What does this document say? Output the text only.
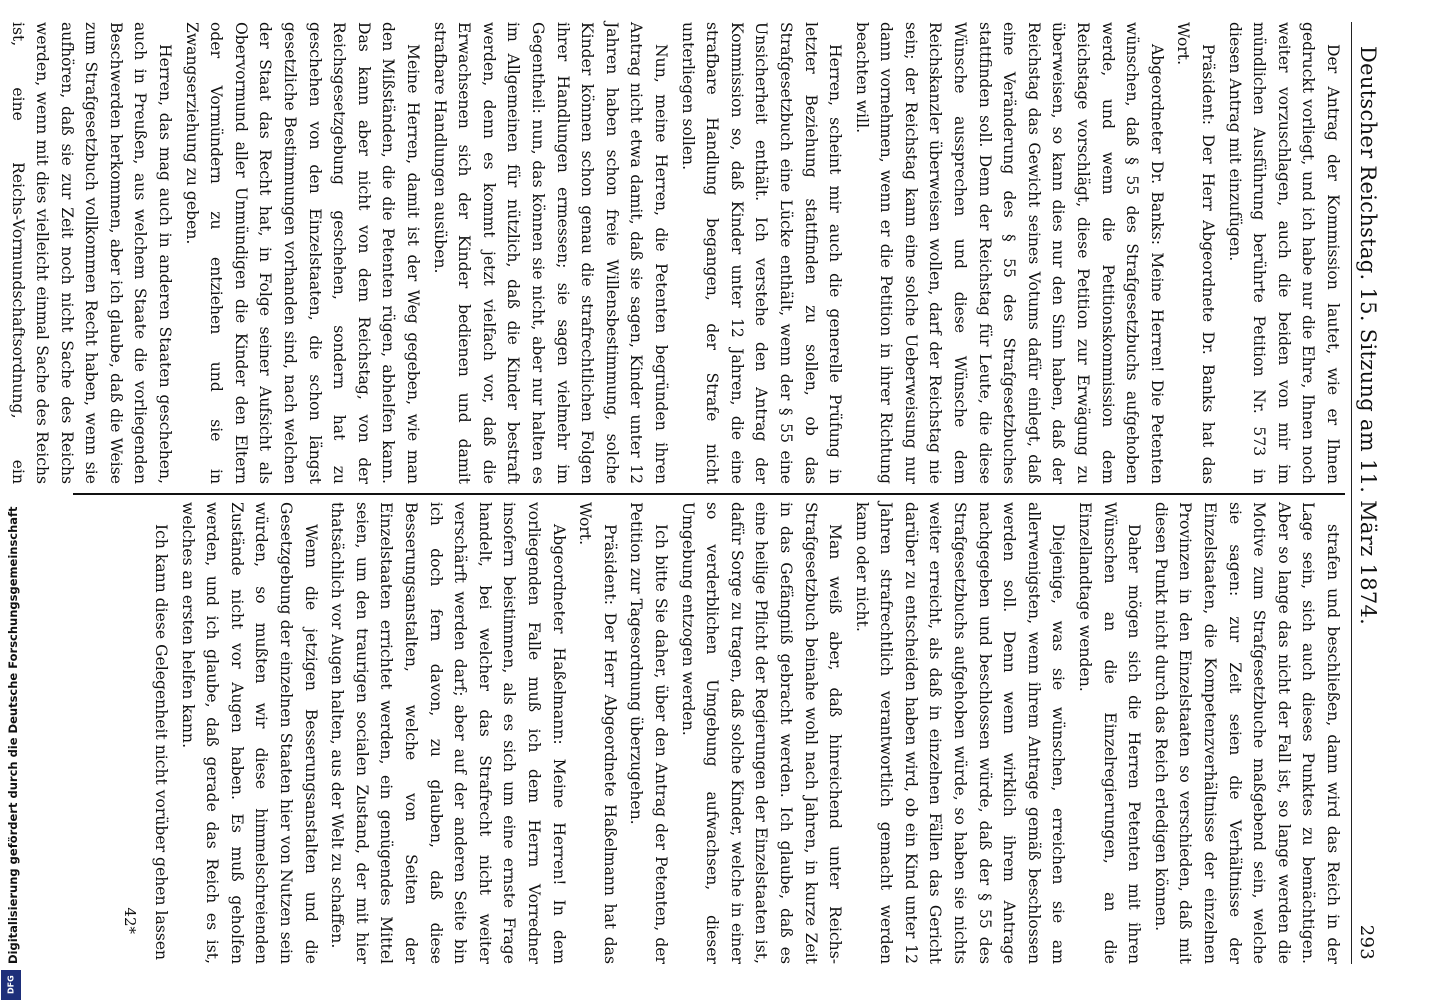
Deutscher Reichstag. 15. Sitzung am 11. März 1874.
293

Der Antrag der Kommission lautet, wie er Ihnen gedruckt vorliegt, und ich habe nur die Ehre, Ihnen noch weiter vorzuschlagen, auch die beiden von mir im mündlichen Ausführung berührte Petition Nr. 573 in diesen Antrag mit einzufügen.

Präsident: Der Herr Abgeordnete Dr. Banks hat das Wort.

Abgeordneter Dr. Banks: Meine Herren! Die Petenten wünschen, daß § 55 des Strafgesetzbuchs aufgehoben werde, und wenn die Petitionskommission dem Reichstage vorschlägt, diese Petition zur Erwägung zu überweisen, so kann dies nur den Sinn haben, daß der Reichstag das Gewicht seines Votums dafür einlegt, daß eine Veränderung des § 55 des Strafgesetzbuches stattfinden soll. Denn der Reichstag für Leute, die diese Wünsche aussprechen und diese Wünsche dem Reichskanzler überweisen wollen, darf der Reichstag nie sein; der Reichstag kann eine solche Ueberweisung nur dann vornehmen, wenn er die Petition in ihrer Richtung beachten will.

Herren, scheint mir auch die generelle Prüfung in letzter Beziehung stattfinden zu sollen, ob das Strafgesetzbuch eine Lücke enthält, wenn der § 55 eine Unsicherheit enthält. Ich verstehe den Antrag der Kommission so, daß Kinder unter 12 Jahren, die eine strafbare Handlung begangen, der Strafe nicht unterliegen sollen.

Nun, meine Herren, die Petenten begründen ihren Antrag nicht etwa damit, daß sie sagen, Kinder unter 12 Jahren haben schon freie Willensbestimmung, solche Kinder können schon genau die strafrechtlichen Folgen ihrer Handlungen ermessen; sie sagen vielmehr im Gegentheil: nun, das können sie nicht, aber nur halten es im Allgemeinen für nützlich, daß die Kinder bestraft werden, denn es kommt jetzt vielfach vor, daß die Erwachsenen sich der Kinder bedienen und damit strafbare Handlungen ausüben.

Meine Herren, damit ist der Weg gegeben, wie man den Mißständen, die die Petenten rügen, abhelfen kann. Das kann aber nicht von dem Reichstag, von der Reichsgesetzgebung geschehen, sondern hat zu geschehen von den Einzelstaaten, die schon längst gesetzliche Bestimmungen vorhanden sind, nach welchen der Staat das Recht hat, in Folge seiner Aufsicht als Obervormund aller Unmündigen die Kinder den Eltern oder Vormündern zu entziehen und sie in Zwangserziehung zu geben.

Herren, das mag auch in anderen Staaten geschehen, auch in Preußen, aus welchem Staate die vorliegenden Beschwerden herkommen, aber ich glaube, daß die Weise zum Strafgesetzbuch vollkommen Recht haben, wenn sie aufhören, daß sie zur Zeit noch nicht Sache des Reichs werden, wenn mit dies vielleicht einmal Sache des Reichs ist, eine Reichs-Vormundschaftsordnung, ein

strafen und beschließen, dann wird das Reich in der Lage sein, sich auch dieses Punktes zu bemächtigen. Aber so lange das nicht der Fall ist, so lange werden die Motive zum Strafgesetzbuche maßgebend sein, welche sie sagen: zur Zeit seien die Verhältnisse der Einzelstaaten, die Kompetenzverhältnisse der einzelnen Provinzen in den Einzelstaaten so verschieden, daß mit diesen Punkt nicht durch das Reich erledigen können.

Daher mögen sich die Herren Petenten mit ihren Wünschen an die Einzelregierungen, an die Einzellandtage wenden.

Diejenige, was sie wünschen, erreichen sie am allerwenigsten, wenn ihrem Antrage gemäß beschlossen werden soll. Denn wenn wirklich ihrem Antrage nachgegeben und beschlossen würde, daß der § 55 des Strafgesetzbuchs aufgehoben würde, so haben sie nichts weiter erreicht, als daß in einzelnen Fällen das Gericht darüber zu entscheiden haben wird, ob ein Kind unter 12 Jahren strafrechtlich verantwortlich gemacht werden kann oder nicht.

Man weiß aber, daß hinreichend unter Reichs-Strafgesetzbuch beinahe wohl nach Jahren, in kurze Zeit in das Gefängniß gebracht werden. Ich glaube, daß es eine heilige Pflicht der Regierungen der Einzelstaaten ist, dafür Sorge zu tragen, daß solche Kinder, welche in einer so verderblichen Umgebung aufwachsen, dieser Umgebung entzogen werden.

Ich bitte Sie daher, über den Antrag der Petenten, der Petition zur Tagesordnung überzugehen.

Präsident: Der Herr Abgeordnete Haßelmann hat das Wort.

Abgeordneter Haßelmann: Meine Herren! In dem vorliegenden Falle muß ich dem Herrn Vorredner insofern beistimmen, als es sich um eine ernste Frage handelt, bei welcher das Strafrecht nicht weiter verschärft werden darf; aber auf der anderen Seite bin ich doch fern davon, zu glauben, daß diese Besserungsanstalten, welche von Seiten der Einzelstaaten errichtet werden, ein genügendes Mittel seien, um den traurigen socialen Zustand, der mit hier thatsächlich vor Augen halten, aus der Welt zu schaffen.

Wenn die jetzigen Besserungsanstalten und die Gesetzgebung der einzelnen Staaten hier von Nutzen sein würden, so mußten wir diese himmelschreienden Zustände nicht vor Augen haben. Es muß geholfen werden, und ich glaube, daß gerade das Reich es ist, welches an ersten helfen kann.

Ich kann diese Gelegenheit nicht vorüber gehen lassen

42*
Digitalisierung gefördert durch die Deutsche Forschungsgemeinschaft
DFG
